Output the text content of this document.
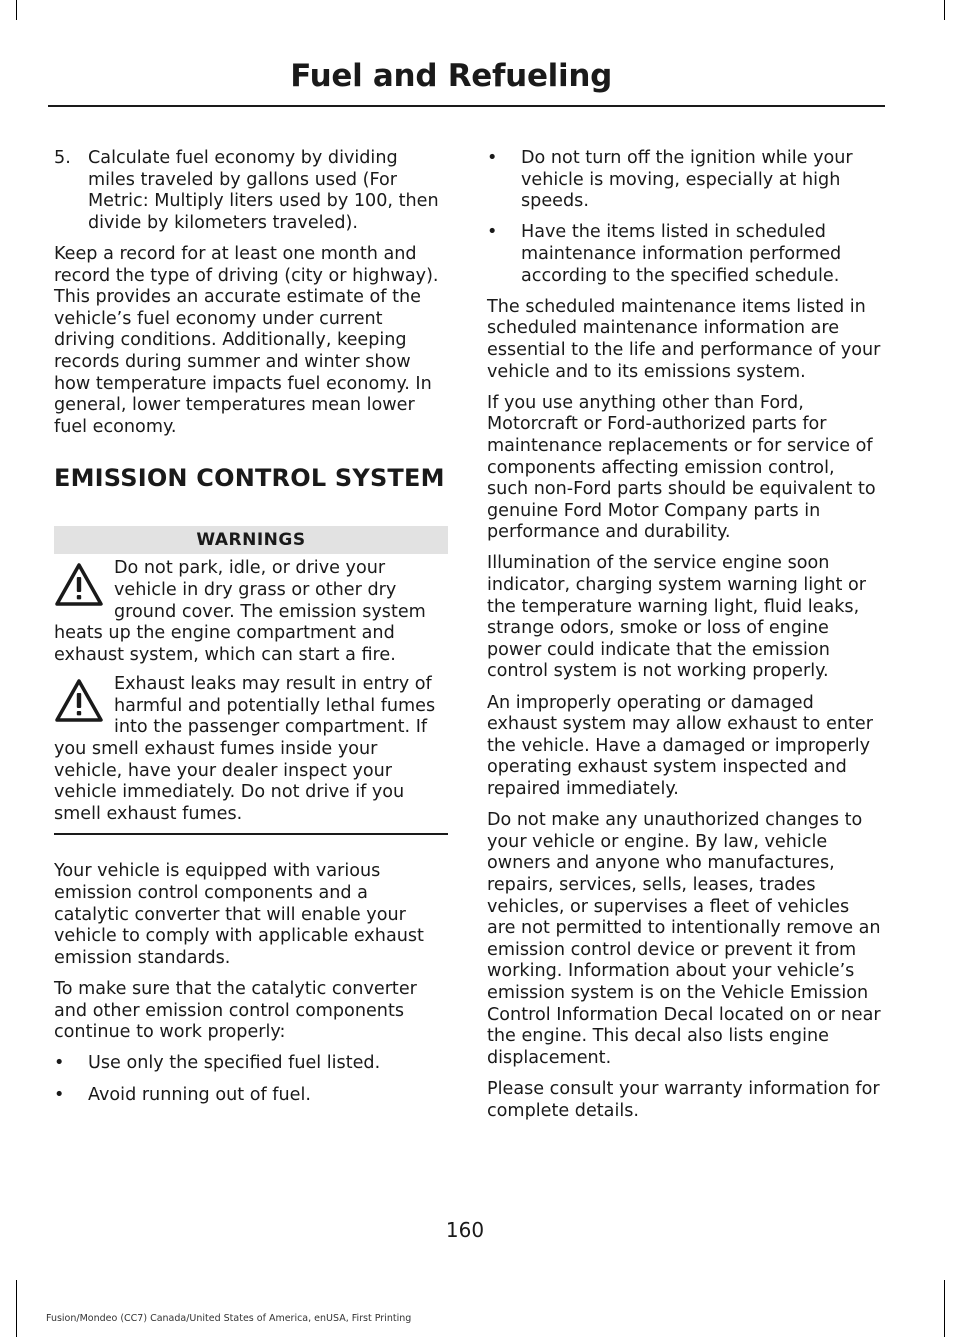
Fuel and Refueling
5. Calculate fuel economy by dividing miles traveled by gallons used (For Metric: Multiply liters used by 100, then divide by kilometers traveled).

Keep a record for at least one month and record the type of driving (city or highway). This provides an accurate estimate of the vehicle’s fuel economy under current driving conditions. Additionally, keeping records during summer and winter show how temperature impacts fuel economy. In general, lower temperatures mean lower fuel economy.

EMISSION CONTROL SYSTEM
WARNINGS
Do not park, idle, or drive your vehicle in dry grass or other dry ground cover. The emission system heats up the engine compartment and exhaust system, which can start a fire.
Exhaust leaks may result in entry of harmful and potentially lethal fumes into the passenger compartment. If you smell exhaust fumes inside your vehicle, have your dealer inspect your vehicle immediately. Do not drive if you smell exhaust fumes.

Your vehicle is equipped with various emission control components and a catalytic converter that will enable your vehicle to comply with applicable exhaust emission standards.

To make sure that the catalytic converter and other emission control components continue to work properly:

•	Use only the specified fuel listed.
•	Avoid running out of fuel.
•	Do not turn off the ignition while your vehicle is moving, especially at high speeds.
•	Have the items listed in scheduled maintenance information performed according to the specified schedule.

The scheduled maintenance items listed in scheduled maintenance information are essential to the life and performance of your vehicle and to its emissions system.

If you use anything other than Ford, Motorcraft or Ford-authorized parts for maintenance replacements or for service of components affecting emission control, such non-Ford parts should be equivalent to genuine Ford Motor Company parts in performance and durability.

Illumination of the service engine soon indicator, charging system warning light or the temperature warning light, fluid leaks, strange odors, smoke or loss of engine power could indicate that the emission control system is not working properly.

An improperly operating or damaged exhaust system may allow exhaust to enter the vehicle. Have a damaged or improperly operating exhaust system inspected and repaired immediately.

Do not make any unauthorized changes to your vehicle or engine. By law, vehicle owners and anyone who manufactures, repairs, services, sells, leases, trades vehicles, or supervises a fleet of vehicles are not permitted to intentionally remove an emission control device or prevent it from working. Information about your vehicle’s emission system is on the Vehicle Emission Control Information Decal located on or near the engine. This decal also lists engine displacement.

Please consult your warranty information for complete details.

160
Fusion/Mondeo (CC7) Canada/United States of America, enUSA, First Printing
